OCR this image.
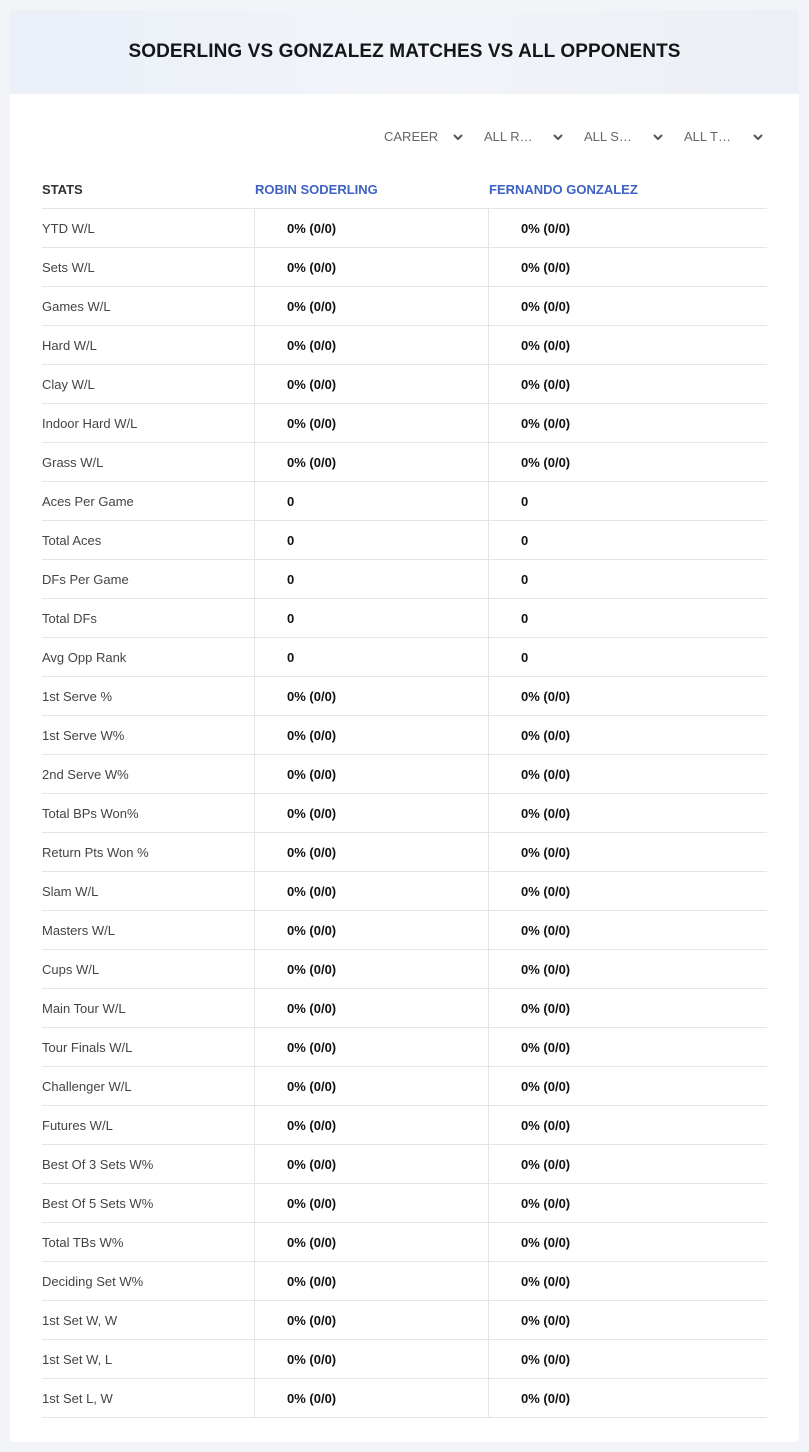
SODERLING VS GONZALEZ MATCHES VS ALL OPPONENTS
CAREER	ALL R…	ALL S…	ALL T…
STATS	ROBIN SODERLING	FERNANDO GONZALEZ
YTD W/L	0% (0/0)	0% (0/0)
Sets W/L	0% (0/0)	0% (0/0)
Games W/L	0% (0/0)	0% (0/0)
Hard W/L	0% (0/0)	0% (0/0)
Clay W/L	0% (0/0)	0% (0/0)
Indoor Hard W/L	0% (0/0)	0% (0/0)
Grass W/L	0% (0/0)	0% (0/0)
Aces Per Game	0	0
Total Aces	0	0
DFs Per Game	0	0
Total DFs	0	0
Avg Opp Rank	0	0
1st Serve %	0% (0/0)	0% (0/0)
1st Serve W%	0% (0/0)	0% (0/0)
2nd Serve W%	0% (0/0)	0% (0/0)
Total BPs Won%	0% (0/0)	0% (0/0)
Return Pts Won %	0% (0/0)	0% (0/0)
Slam W/L	0% (0/0)	0% (0/0)
Masters W/L	0% (0/0)	0% (0/0)
Cups W/L	0% (0/0)	0% (0/0)
Main Tour W/L	0% (0/0)	0% (0/0)
Tour Finals W/L	0% (0/0)	0% (0/0)
Challenger W/L	0% (0/0)	0% (0/0)
Futures W/L	0% (0/0)	0% (0/0)
Best Of 3 Sets W%	0% (0/0)	0% (0/0)
Best Of 5 Sets W%	0% (0/0)	0% (0/0)
Total TBs W%	0% (0/0)	0% (0/0)
Deciding Set W%	0% (0/0)	0% (0/0)
1st Set W, W	0% (0/0)	0% (0/0)
1st Set W, L	0% (0/0)	0% (0/0)
1st Set L, W	0% (0/0)	0% (0/0)
